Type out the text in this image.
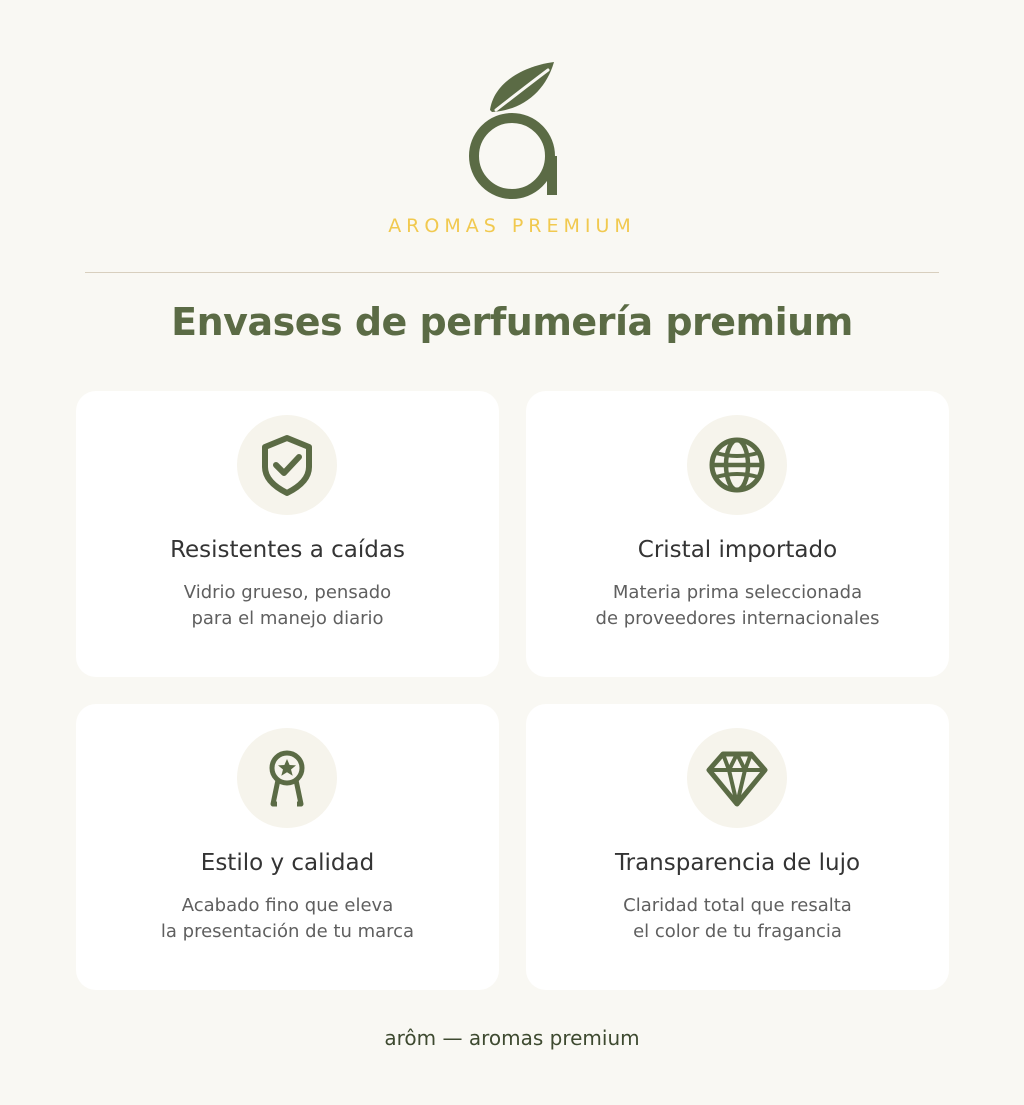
AROMAS PREMIUM
Envases de perfumería premium
Resistentes a caídas
Vidrio grueso, pensado
para el manejo diario
Cristal importado
Materia prima seleccionada
de proveedores internacionales
Estilo y calidad
Acabado fino que eleva
la presentación de tu marca
Transparencia de lujo
Claridad total que resalta
el color de tu fragancia
arôm — aromas premium
